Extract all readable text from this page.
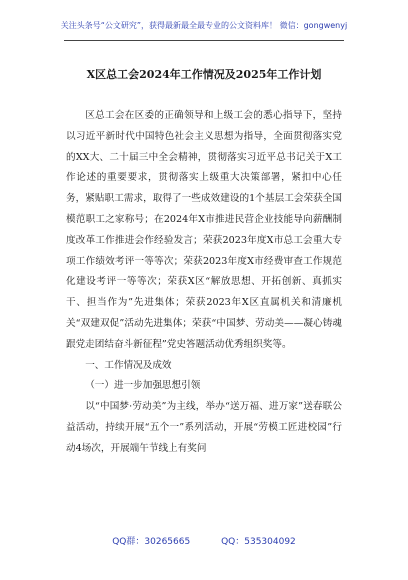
关注头条号“公文研究”，获得最新最全最专业的公文资料库！ 微信：gongwenyj
X区总工会2024年工作情况及2025年工作计划

区总工会在区委的正确领导和上级工会的悉心指导下，坚持以习近平新时代中国特色社会主义思想为指导，全面贯彻落实党的XX大、二十届三中全会精神，贯彻落实习近平总书记关于X工作论述的重要要求，贯彻落实上级重大决策部署，紧扣中心任务，紧贴职工需求，取得了一些成效建设的1个基层工会荣获全国模范职工之家称号；在2024年X市推进民营企业技能导向薪酬制度改革工作推进会作经验发言；荣获2023年度X市总工会重大专项工作绩效考评一等等次；荣获2023年度X市经费审查工作规范化建设考评一等等次；荣获X区“解放思想、开拓创新、真抓实干、担当作为”先进集体；荣获2023年X区直属机关和清廉机关“双建双促”活动先进集体；荣获“中国梦、劳动美——凝心铸魂跟党走团结奋斗新征程”党史答题活动优秀组织奖等。

一、工作情况及成效

（一）进一步加强思想引领

以“中国梦·劳动美”为主线，举办“送万福、进万家”送春联公益活动，持续开展“五个一”系列活动，开展“劳模工匠进校园”行动4场次，开展端午节线上有奖问

QQ群：30265665	QQ：535304092
